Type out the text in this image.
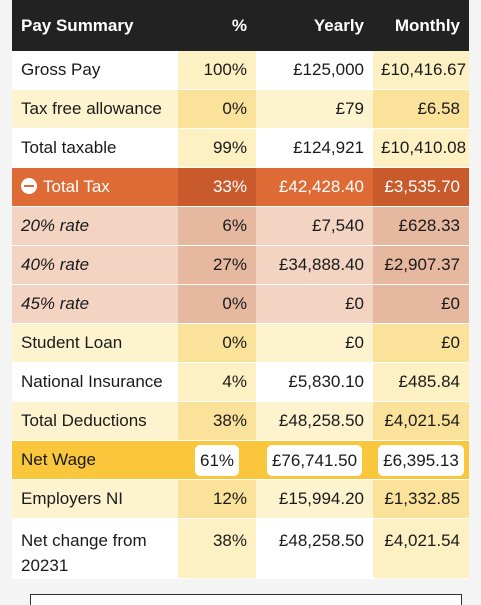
Pay Summary	%	Yearly	Monthly
Gross Pay	100%	£125,000	£10,416.67
Tax free allowance	0%	£79	£6.58
Total taxable	99%	£124,921	£10,410.08
Total Tax	33%	£42,428.40	£3,535.70
20% rate	6%	£7,540	£628.33
40% rate	27%	£34,888.40	£2,907.37
45% rate	0%	£0	£0
Student Loan	0%	£0	£0
National Insurance	4%	£5,830.10	£485.84
Total Deductions	38%	£48,258.50	£4,021.54
Net Wage	61%	£76,741.50	£6,395.13
Employers NI	12%	£15,994.20	£1,332.85
Net change from 20231	38%	£48,258.50	£4,021.54
